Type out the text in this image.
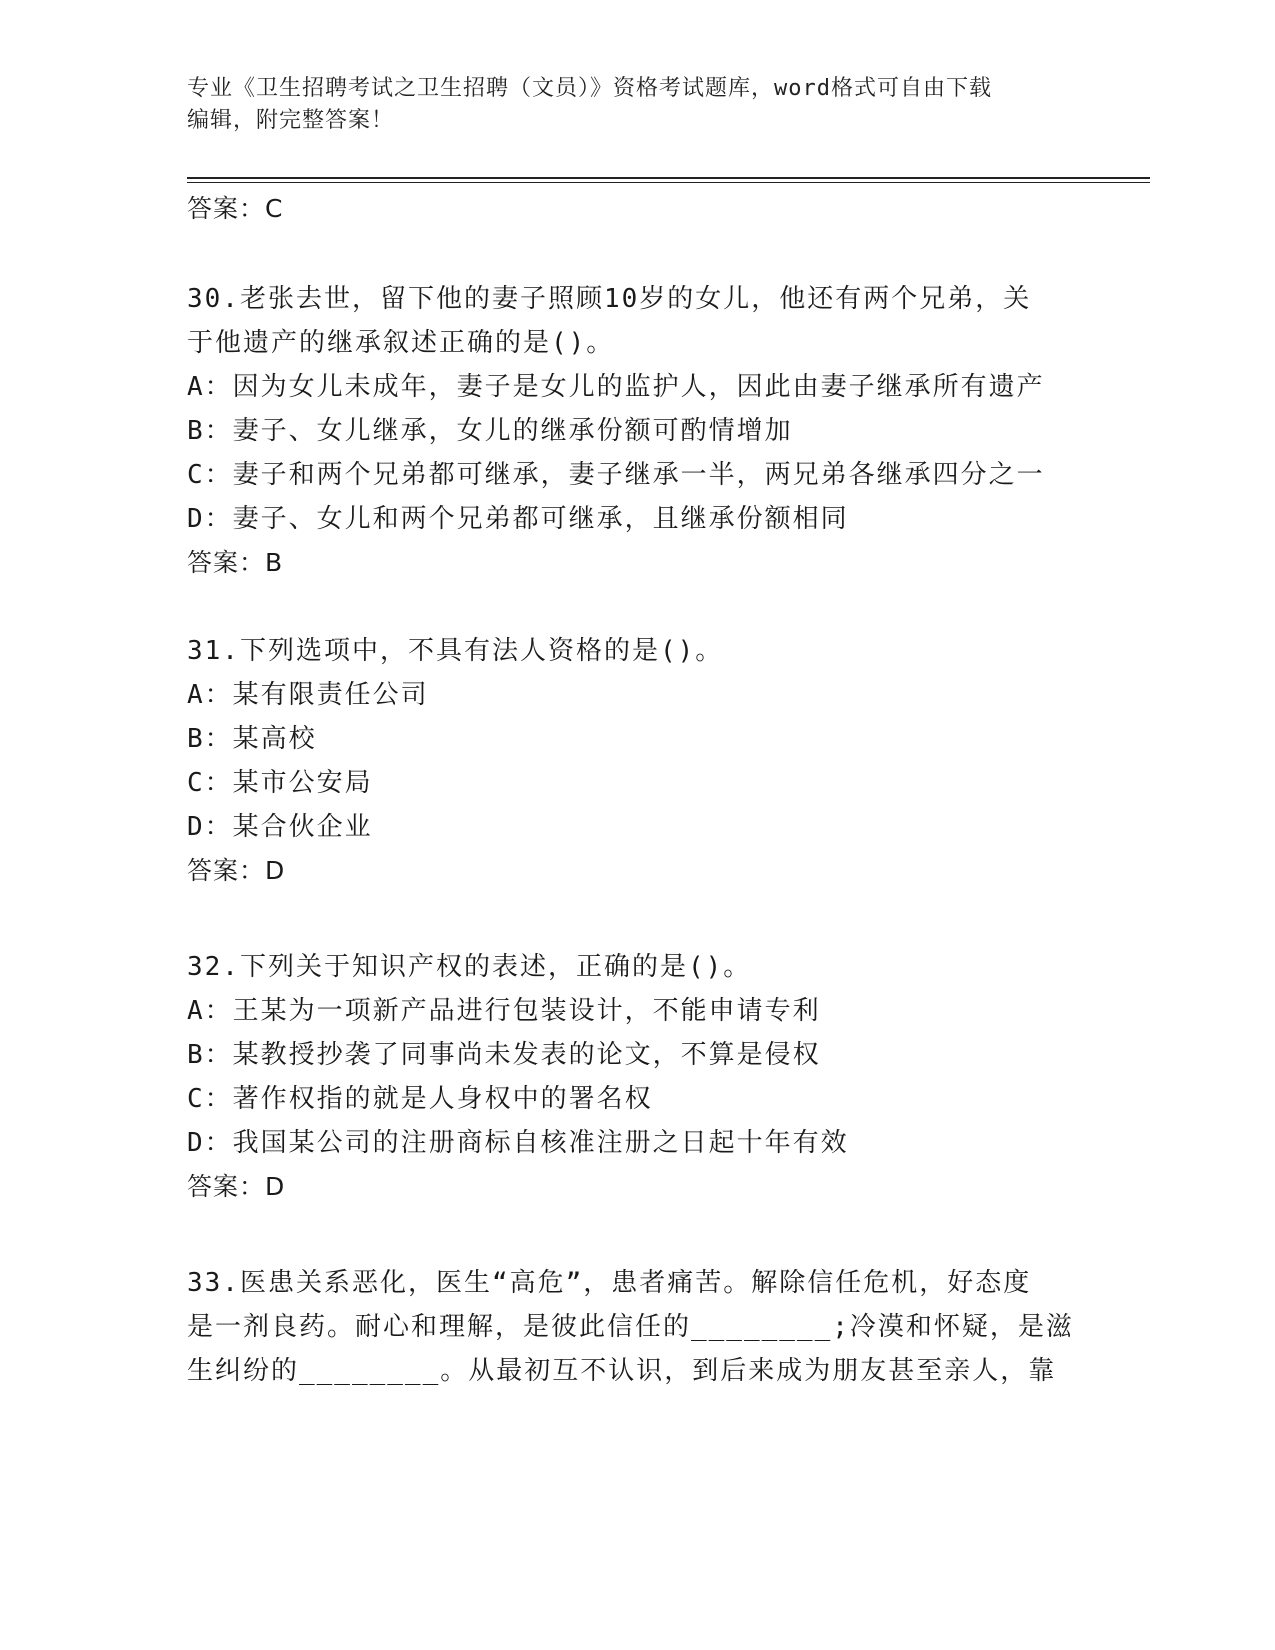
专业《卫生招聘考试之卫生招聘（文员）》资格考试题库，word格式可自由下载
编辑，附完整答案！
答案：C
30.老张去世，留下他的妻子照顾10岁的女儿，他还有两个兄弟，关
于他遗产的继承叙述正确的是()。
A：因为女儿未成年，妻子是女儿的监护人，因此由妻子继承所有遗产
B：妻子、女儿继承，女儿的继承份额可酌情增加
C：妻子和两个兄弟都可继承，妻子继承一半，两兄弟各继承四分之一
D：妻子、女儿和两个兄弟都可继承，且继承份额相同
答案：B
31.下列选项中，不具有法人资格的是()。
A：某有限责任公司
B：某高校
C：某市公安局
D：某合伙企业
答案：D
32.下列关于知识产权的表述，正确的是()。
A：王某为一项新产品进行包装设计，不能申请专利
B：某教授抄袭了同事尚未发表的论文，不算是侵权
C：著作权指的就是人身权中的署名权
D：我国某公司的注册商标自核准注册之日起十年有效
答案：D
33.医患关系恶化，医生“高危”，患者痛苦。解除信任危机，好态度
是一剂良药。耐心和理解，是彼此信任的________;冷漠和怀疑，是滋
生纠纷的________。从最初互不认识，到后来成为朋友甚至亲人，靠
